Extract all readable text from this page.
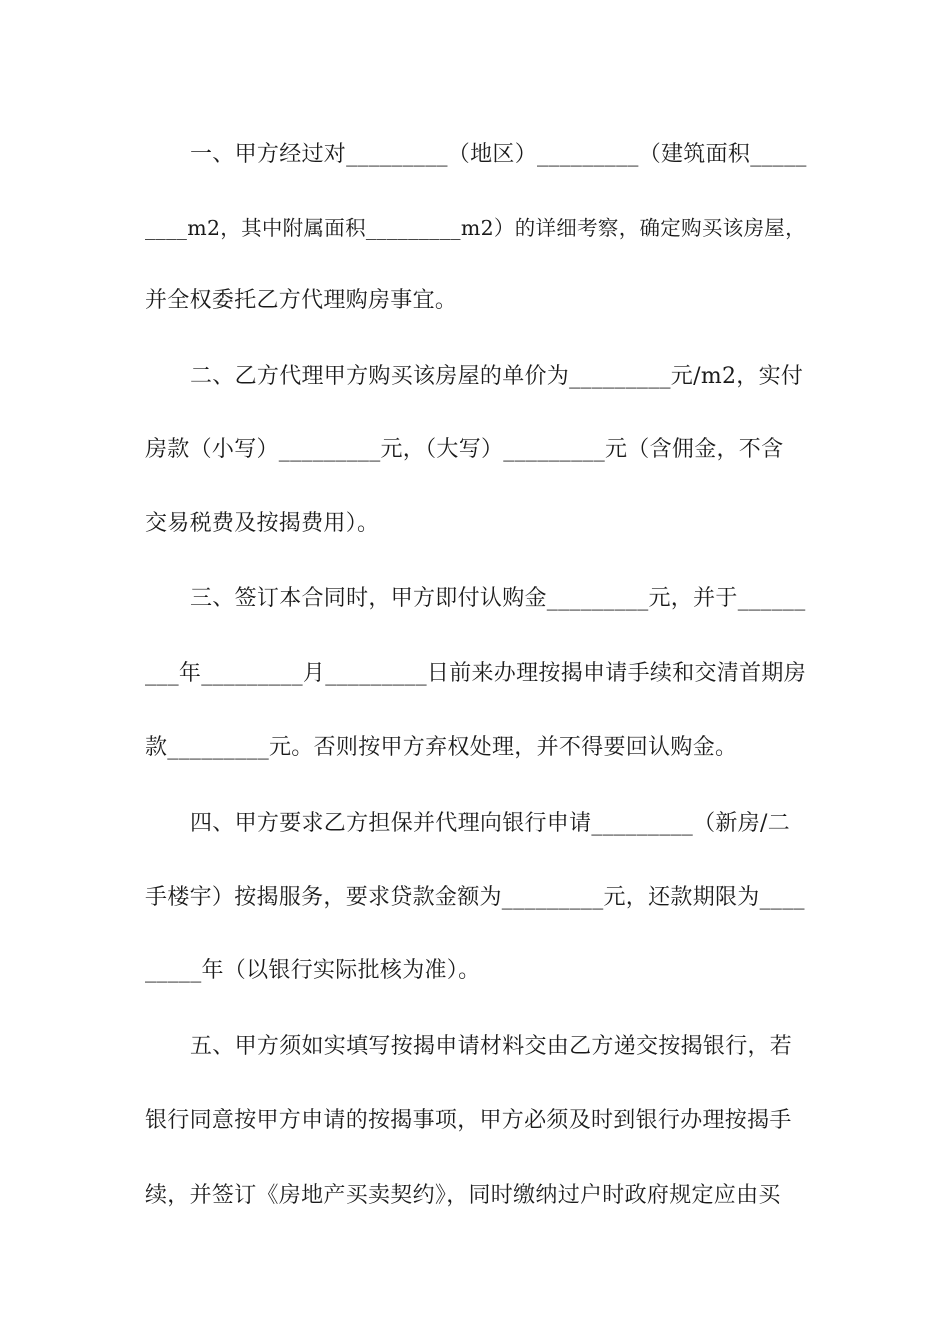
一、甲方经过对_________（地区）_________（建筑面积_____

____m2，其中附属面积_________m2）的详细考察，确定购买该房屋，

并全权委托乙方代理购房事宜。

二、乙方代理甲方购买该房屋的单价为_________元/m2，实付

房款（小写）_________元，（大写）_________元（含佣金，不含

交易税费及按揭费用）。

三、签订本合同时，甲方即付认购金_________元，并于______

___年_________月_________日前来办理按揭申请手续和交清首期房

款_________元。否则按甲方弃权处理，并不得要回认购金。

四、甲方要求乙方担保并代理向银行申请_________（新房/二

手楼宇）按揭服务，要求贷款金额为_________元，还款期限为____

_____年（以银行实际批核为准）。

五、甲方须如实填写按揭申请材料交由乙方递交按揭银行，若

银行同意按甲方申请的按揭事项，甲方必须及时到银行办理按揭手

续，并签订《房地产买卖契约》，同时缴纳过户时政府规定应由买
